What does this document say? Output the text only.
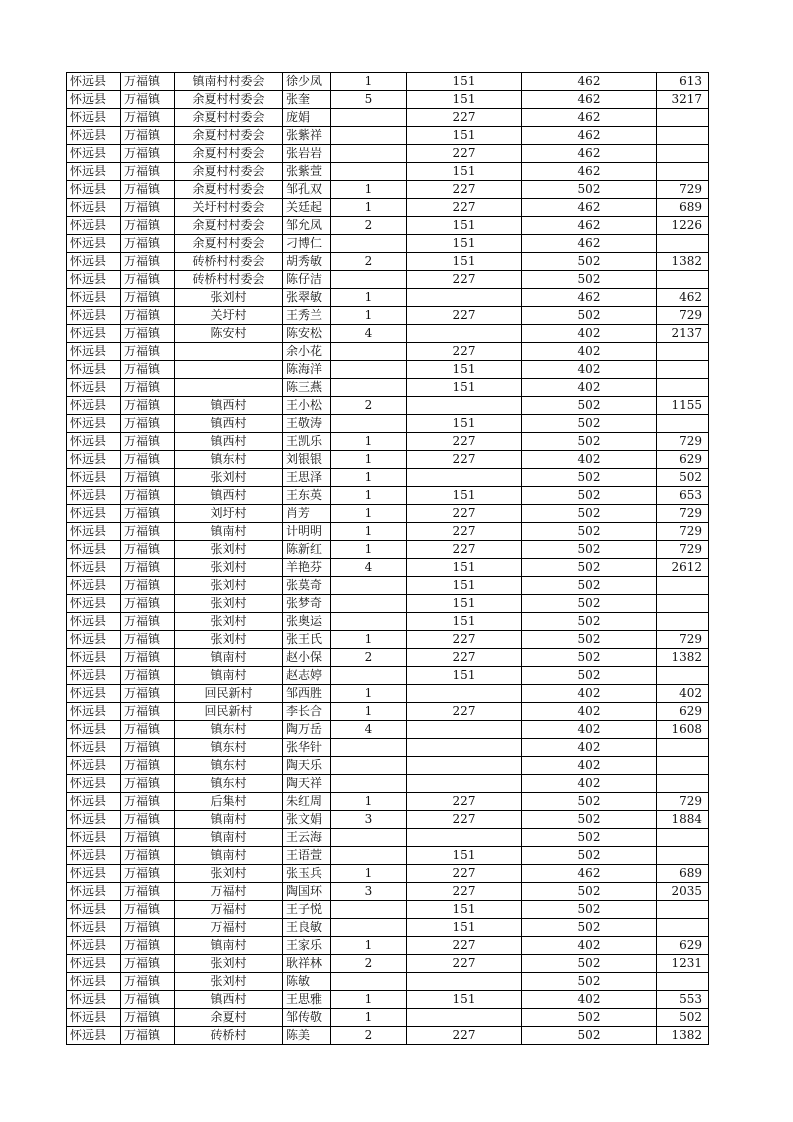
怀远县	万福镇	镇南村村委会	徐少凤	1	151	462	613
怀远县	万福镇	余夏村村委会	张奎	5	151	462	3217
怀远县	万福镇	余夏村村委会	庞娟		227	462	
怀远县	万福镇	余夏村村委会	张紫祥		151	462	
怀远县	万福镇	余夏村村委会	张岩岩		227	462	
怀远县	万福镇	余夏村村委会	张紫萱		151	462	
怀远县	万福镇	余夏村村委会	邹孔双	1	227	502	729
怀远县	万福镇	关圩村村委会	关廷起	1	227	462	689
怀远县	万福镇	余夏村村委会	邹允凤	2	151	462	1226
怀远县	万福镇	余夏村村委会	刁博仁		151	462	
怀远县	万福镇	砖桥村村委会	胡秀敏	2	151	502	1382
怀远县	万福镇	砖桥村村委会	陈仔洁		227	502	
怀远县	万福镇	张刘村	张翠敏	1		462	462
怀远县	万福镇	关圩村	王秀兰	1	227	502	729
怀远县	万福镇	陈安村	陈安松	4		402	2137
怀远县	万福镇		余小花		227	402	
怀远县	万福镇		陈海洋		151	402	
怀远县	万福镇		陈三燕		151	402	
怀远县	万福镇	镇西村	王小松	2		502	1155
怀远县	万福镇	镇西村	王敬涛		151	502	
怀远县	万福镇	镇西村	王凯乐	1	227	502	729
怀远县	万福镇	镇东村	刘银银	1	227	402	629
怀远县	万福镇	张刘村	王思泽	1		502	502
怀远县	万福镇	镇西村	王东英	1	151	502	653
怀远县	万福镇	刘圩村	肖芳	1	227	502	729
怀远县	万福镇	镇南村	计明明	1	227	502	729
怀远县	万福镇	张刘村	陈新红	1	227	502	729
怀远县	万福镇	张刘村	羊艳芬	4	151	502	2612
怀远县	万福镇	张刘村	张莫奇		151	502	
怀远县	万福镇	张刘村	张梦奇		151	502	
怀远县	万福镇	张刘村	张奥运		151	502	
怀远县	万福镇	张刘村	张王氏	1	227	502	729
怀远县	万福镇	镇南村	赵小保	2	227	502	1382
怀远县	万福镇	镇南村	赵志婷		151	502	
怀远县	万福镇	回民新村	邹西胜	1		402	402
怀远县	万福镇	回民新村	李长合	1	227	402	629
怀远县	万福镇	镇东村	陶万岳	4		402	1608
怀远县	万福镇	镇东村	张华针			402	
怀远县	万福镇	镇东村	陶天乐			402	
怀远县	万福镇	镇东村	陶天祥			402	
怀远县	万福镇	后集村	朱红周	1	227	502	729
怀远县	万福镇	镇南村	张文娟	3	227	502	1884
怀远县	万福镇	镇南村	王云海			502	
怀远县	万福镇	镇南村	王语萱		151	502	
怀远县	万福镇	张刘村	张玉兵	1	227	462	689
怀远县	万福镇	万福村	陶国环	3	227	502	2035
怀远县	万福镇	万福村	王子悦		151	502	
怀远县	万福镇	万福村	王良敏		151	502	
怀远县	万福镇	镇南村	王家乐	1	227	402	629
怀远县	万福镇	张刘村	耿祥林	2	227	502	1231
怀远县	万福镇	张刘村	陈敏			502	
怀远县	万福镇	镇西村	王思雅	1	151	402	553
怀远县	万福镇	余夏村	邹传敬	1		502	502
怀远县	万福镇	砖桥村	陈美	2	227	502	1382
